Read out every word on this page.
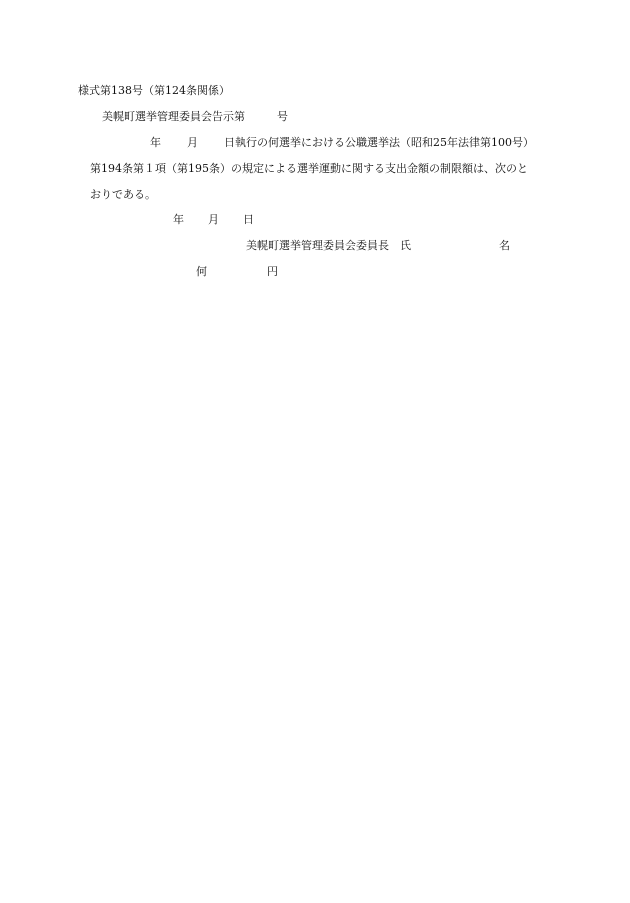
様式第138号（第124条関係）
美幌町選挙管理委員会告示第	号
年 月 日執行の何選挙における公職選挙法（昭和25年法律第100号）
第194条第１項（第195条）の規定による選挙運動に関する支出金額の制限額は、次のと
おりである。
年 月 日
美幌町選挙管理委員会委員長　氏	名
何	円
